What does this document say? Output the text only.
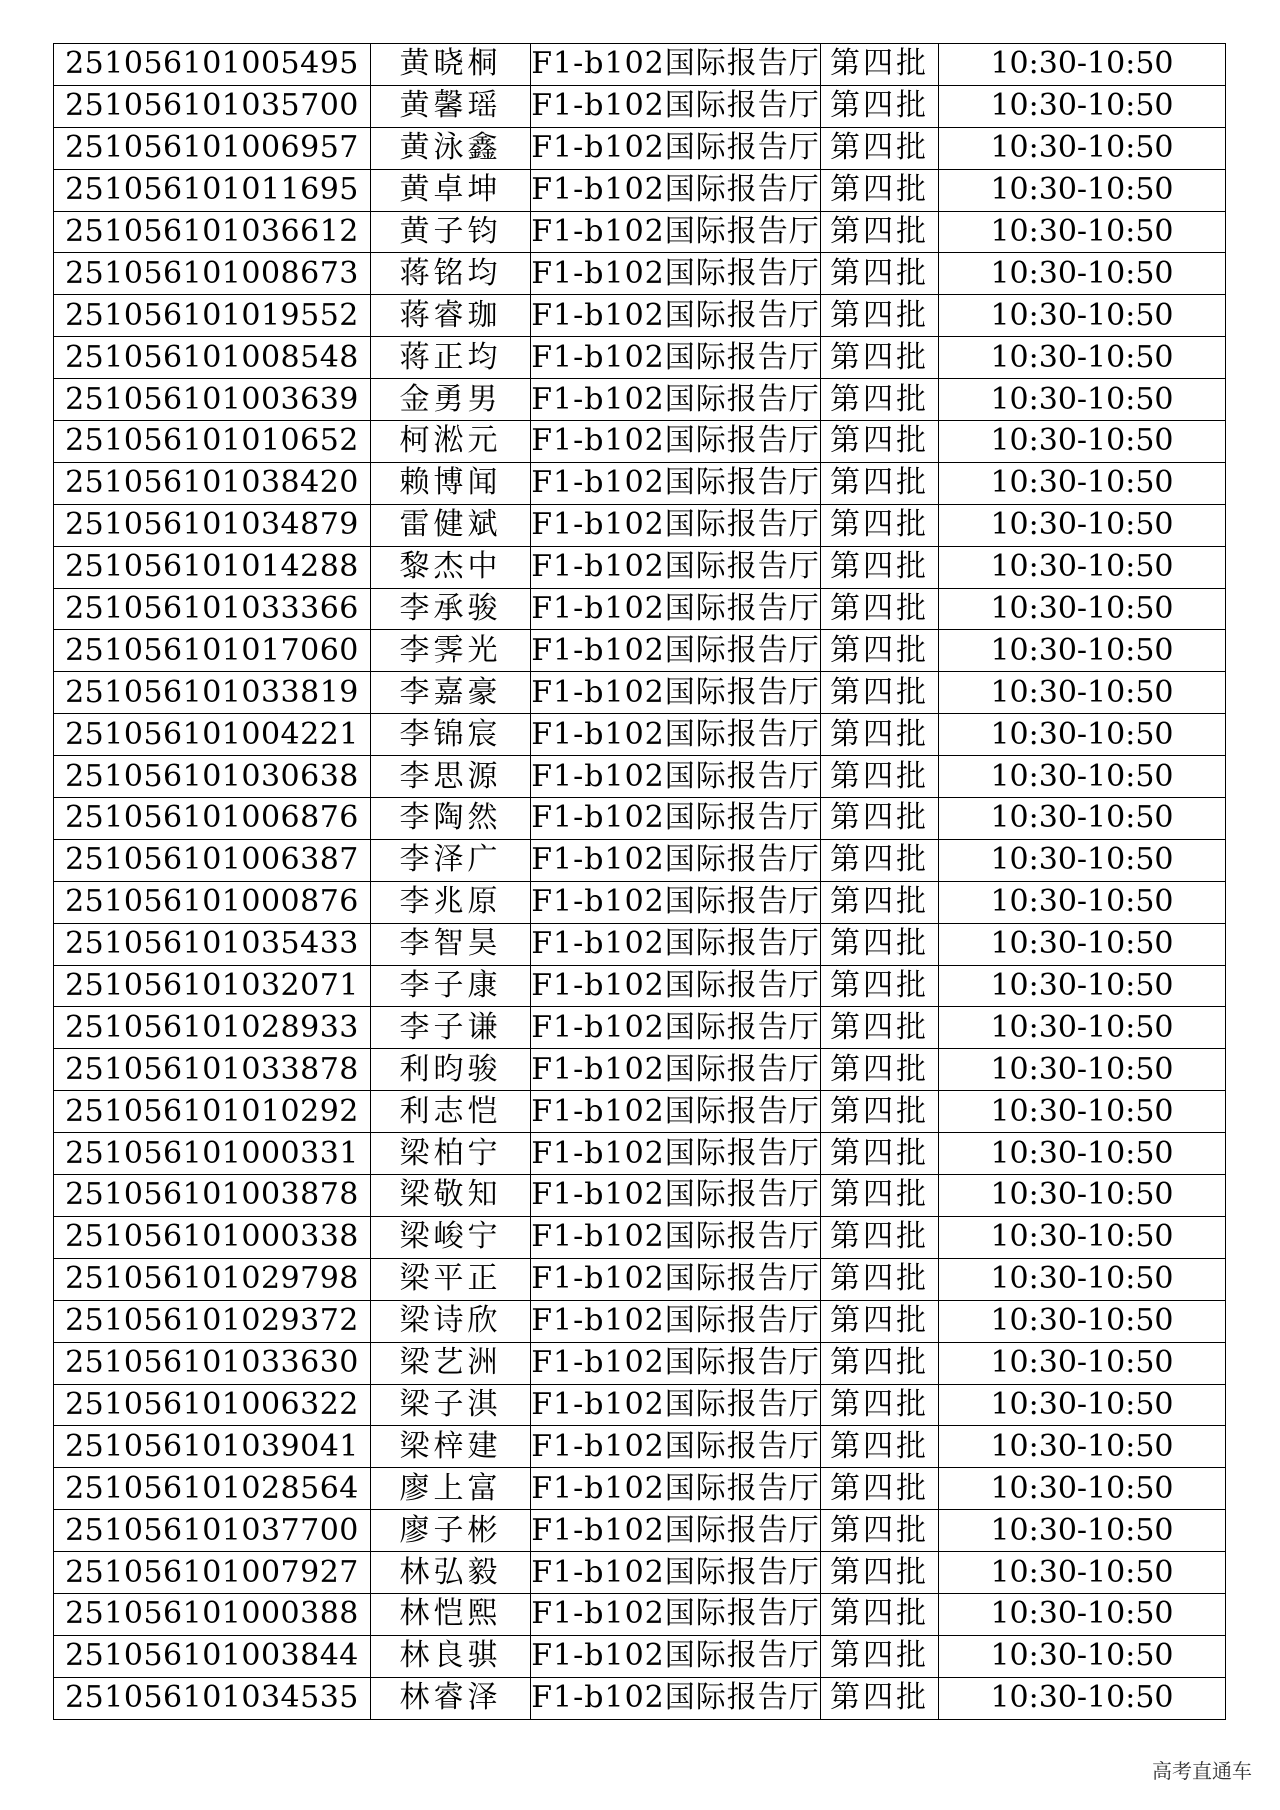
251056101005495	黄晓桐	F1-b102国际报告厅	第四批	10:30-10:50
251056101035700	黄馨瑶	F1-b102国际报告厅	第四批	10:30-10:50
251056101006957	黄泳鑫	F1-b102国际报告厅	第四批	10:30-10:50
251056101011695	黄卓坤	F1-b102国际报告厅	第四批	10:30-10:50
251056101036612	黄子钧	F1-b102国际报告厅	第四批	10:30-10:50
251056101008673	蒋铭均	F1-b102国际报告厅	第四批	10:30-10:50
251056101019552	蒋睿珈	F1-b102国际报告厅	第四批	10:30-10:50
251056101008548	蒋正均	F1-b102国际报告厅	第四批	10:30-10:50
251056101003639	金勇男	F1-b102国际报告厅	第四批	10:30-10:50
251056101010652	柯淞元	F1-b102国际报告厅	第四批	10:30-10:50
251056101038420	赖博闻	F1-b102国际报告厅	第四批	10:30-10:50
251056101034879	雷健斌	F1-b102国际报告厅	第四批	10:30-10:50
251056101014288	黎杰中	F1-b102国际报告厅	第四批	10:30-10:50
251056101033366	李承骏	F1-b102国际报告厅	第四批	10:30-10:50
251056101017060	李霁光	F1-b102国际报告厅	第四批	10:30-10:50
251056101033819	李嘉豪	F1-b102国际报告厅	第四批	10:30-10:50
251056101004221	李锦宸	F1-b102国际报告厅	第四批	10:30-10:50
251056101030638	李思源	F1-b102国际报告厅	第四批	10:30-10:50
251056101006876	李陶然	F1-b102国际报告厅	第四批	10:30-10:50
251056101006387	李泽广	F1-b102国际报告厅	第四批	10:30-10:50
251056101000876	李兆原	F1-b102国际报告厅	第四批	10:30-10:50
251056101035433	李智昊	F1-b102国际报告厅	第四批	10:30-10:50
251056101032071	李子康	F1-b102国际报告厅	第四批	10:30-10:50
251056101028933	李子谦	F1-b102国际报告厅	第四批	10:30-10:50
251056101033878	利昀骏	F1-b102国际报告厅	第四批	10:30-10:50
251056101010292	利志恺	F1-b102国际报告厅	第四批	10:30-10:50
251056101000331	梁柏宁	F1-b102国际报告厅	第四批	10:30-10:50
251056101003878	梁敬知	F1-b102国际报告厅	第四批	10:30-10:50
251056101000338	梁峻宁	F1-b102国际报告厅	第四批	10:30-10:50
251056101029798	梁平正	F1-b102国际报告厅	第四批	10:30-10:50
251056101029372	梁诗欣	F1-b102国际报告厅	第四批	10:30-10:50
251056101033630	梁艺洲	F1-b102国际报告厅	第四批	10:30-10:50
251056101006322	梁子淇	F1-b102国际报告厅	第四批	10:30-10:50
251056101039041	梁梓建	F1-b102国际报告厅	第四批	10:30-10:50
251056101028564	廖上富	F1-b102国际报告厅	第四批	10:30-10:50
251056101037700	廖子彬	F1-b102国际报告厅	第四批	10:30-10:50
251056101007927	林弘毅	F1-b102国际报告厅	第四批	10:30-10:50
251056101000388	林恺熙	F1-b102国际报告厅	第四批	10:30-10:50
251056101003844	林良骐	F1-b102国际报告厅	第四批	10:30-10:50
251056101034535	林睿泽	F1-b102国际报告厅	第四批	10:30-10:50
高考直通车
